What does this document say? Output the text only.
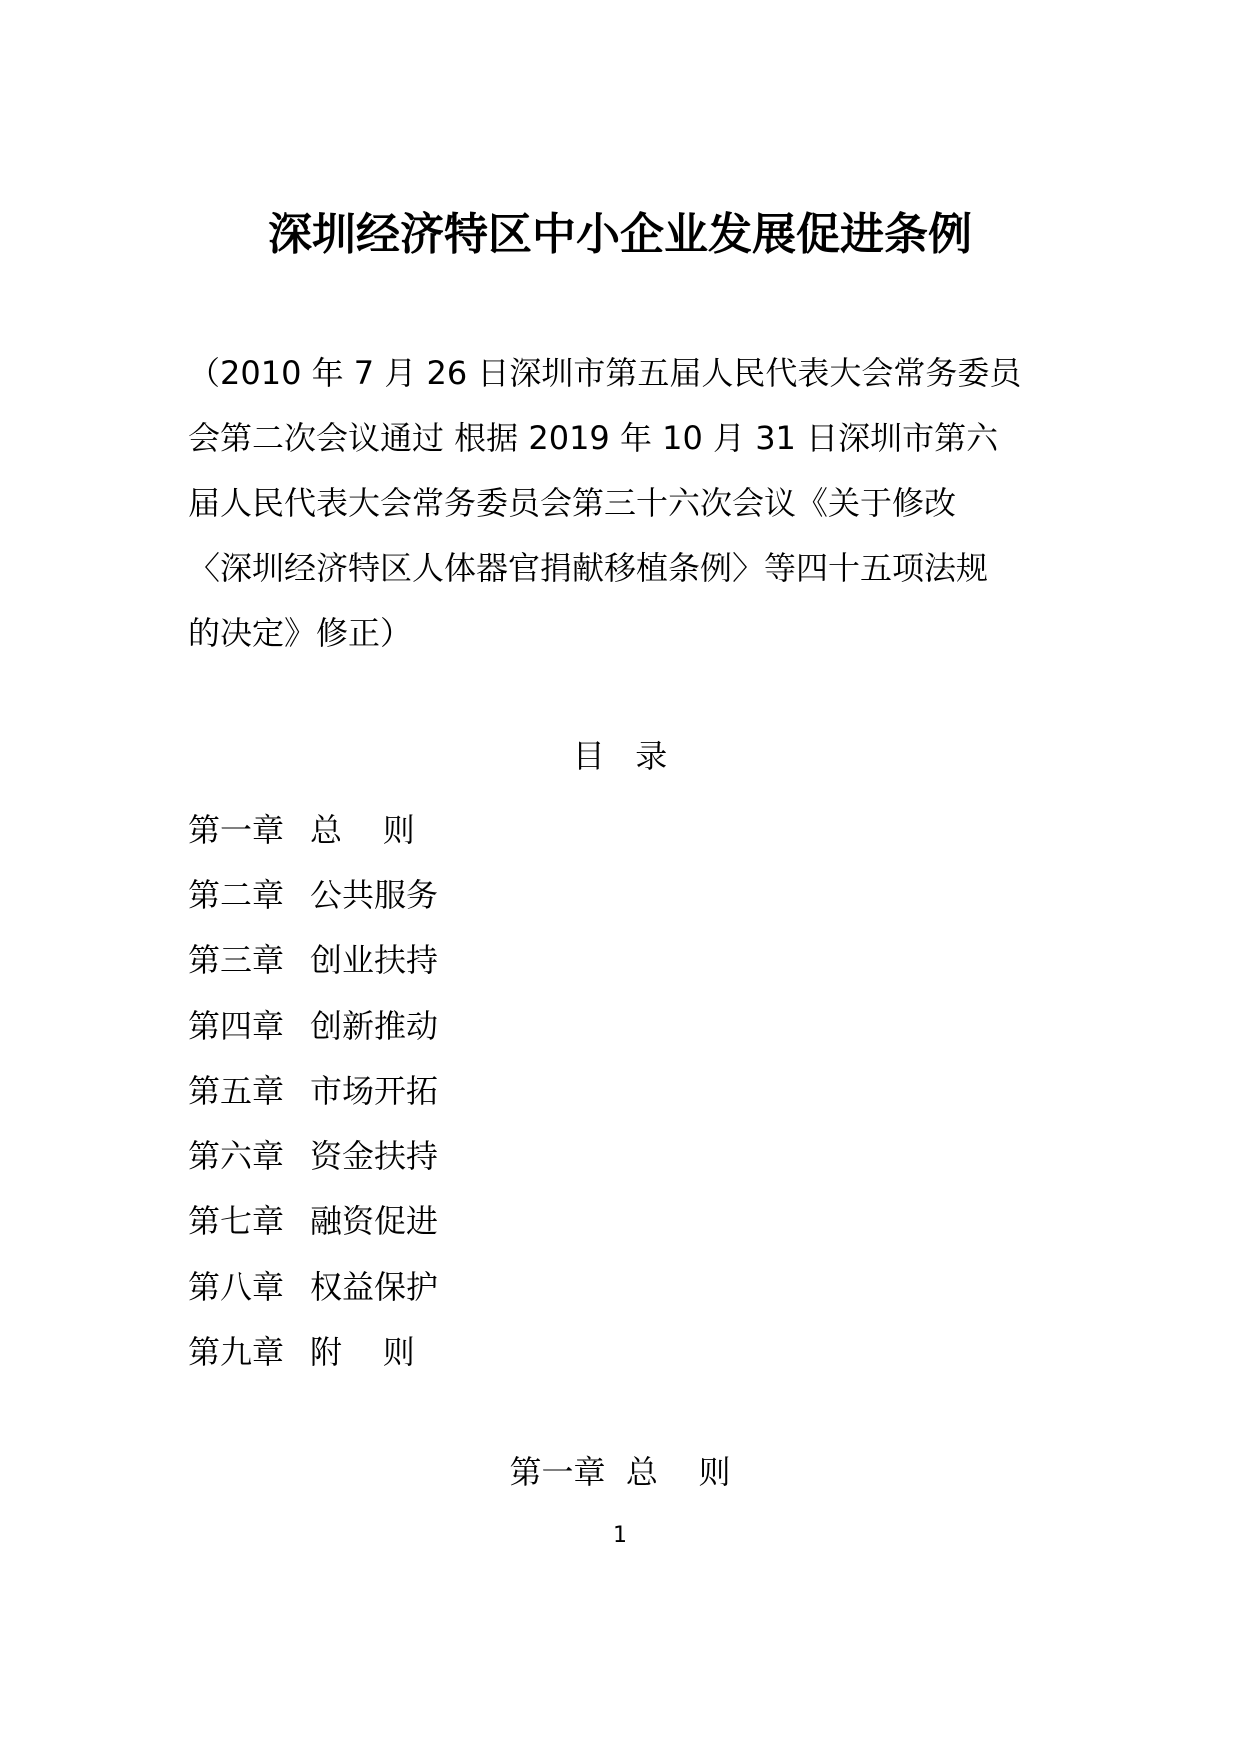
深圳经济特区中小企业发展促进条例
（2010 年 7 月 26 日深圳市第五届人民代表大会常务委员
会第二次会议通过 根据 2019 年 10 月 31 日深圳市第六
届人民代表大会常务委员会第三十六次会议《关于修改
〈深圳经济特区人体器官捐献移植条例〉等四十五项法规
的决定》修正）
目   录
第一章 总    则
第二章 公共服务
第三章 创业扶持
第四章 创新推动
第五章 市场开拓
第六章 资金扶持
第七章 融资促进
第八章 权益保护
第九章 附    则
第一章  总    则
1
